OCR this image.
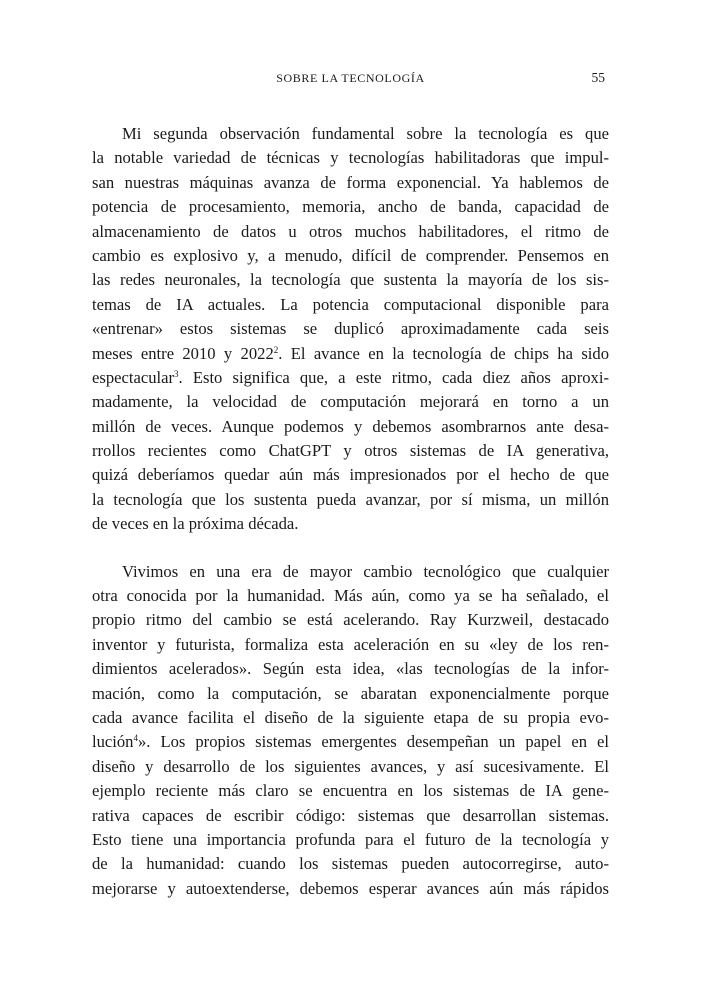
SOBRE LA TECNOLOGÍA	55
Mi segunda observación fundamental sobre la tecnología es que
la notable variedad de técnicas y tecnologías habilitadoras que impul-
san nuestras máquinas avanza de forma exponencial. Ya hablemos de
potencia de procesamiento, memoria, ancho de banda, capacidad de
almacenamiento de datos u otros muchos habilitadores, el ritmo de
cambio es explosivo y, a menudo, difícil de comprender. Pensemos en
las redes neuronales, la tecnología que sustenta la mayoría de los sis-
temas de IA actuales. La potencia computacional disponible para
«entrenar» estos sistemas se duplicó aproximadamente cada seis
meses entre 2010 y 2022$^2$. El avance en la tecnología de chips ha sido
espectacular$^3$. Esto significa que, a este ritmo, cada diez años aproxi-
madamente, la velocidad de computación mejorará en torno a un
millón de veces. Aunque podemos y debemos asombrarnos ante desa-
rrollos recientes como ChatGPT y otros sistemas de IA generativa,
quizá deberíamos quedar aún más impresionados por el hecho de que
la tecnología que los sustenta pueda avanzar, por sí misma, un millón
de veces en la próxima década.
Vivimos en una era de mayor cambio tecnológico que cualquier
otra conocida por la humanidad. Más aún, como ya se ha señalado, el
propio ritmo del cambio se está acelerando. Ray Kurzweil, destacado
inventor y futurista, formaliza esta aceleración en su «ley de los ren-
dimientos acelerados». Según esta idea, «las tecnologías de la infor-
mación, como la computación, se abaratan exponencialmente porque
cada avance facilita el diseño de la siguiente etapa de su propia evo-
lución$^4$». Los propios sistemas emergentes desempeñan un papel en el
diseño y desarrollo de los siguientes avances, y así sucesivamente. El
ejemplo reciente más claro se encuentra en los sistemas de IA gene-
rativa capaces de escribir código: sistemas que desarrollan sistemas.
Esto tiene una importancia profunda para el futuro de la tecnología y
de la humanidad: cuando los sistemas pueden autocorregirse, auto-
mejorarse y autoextenderse, debemos esperar avances aún más rápidos
